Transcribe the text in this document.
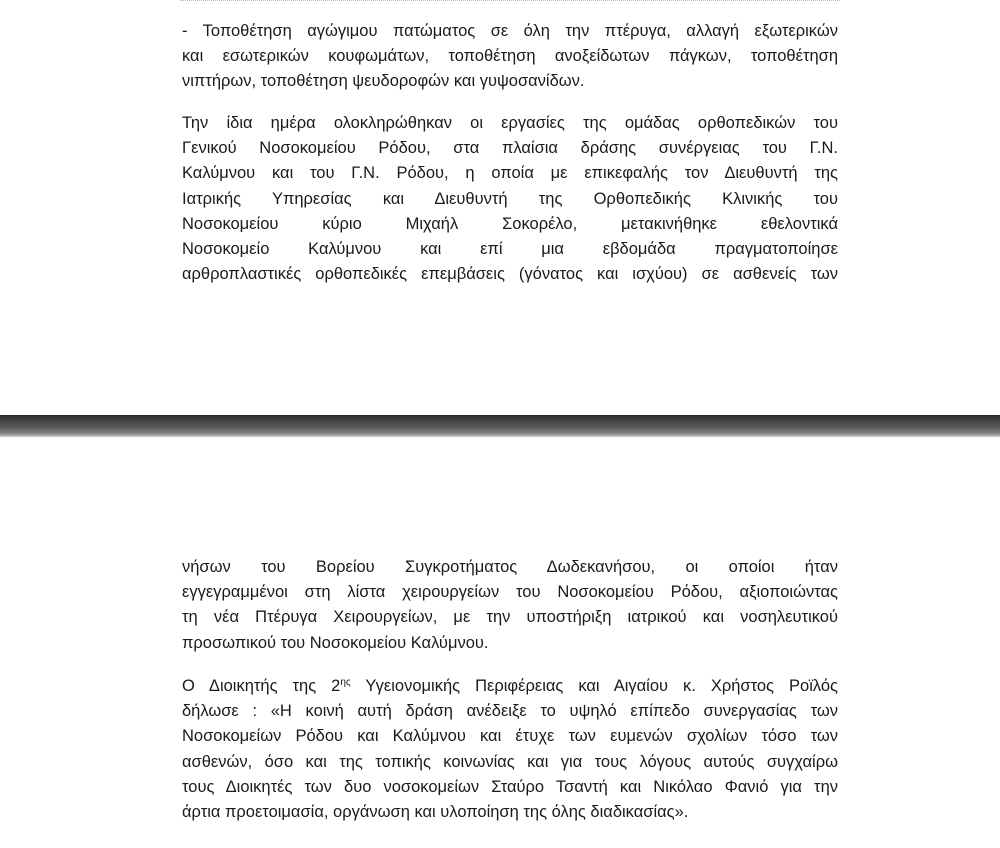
- Τοποθέτηση αγώγιμου πατώματος σε όλη την πτέρυγα, αλλαγή εξωτερικών
και εσωτερικών κουφωμάτων, τοποθέτηση ανοξείδωτων πάγκων, τοποθέτηση
νιπτήρων, τοποθέτηση ψευδοροφών και γυψοσανίδων.
Την ίδια ημέρα ολοκληρώθηκαν οι εργασίες της ομάδας ορθοπεδικών του
Γενικού Νοσοκομείου Ρόδου, στα πλαίσια δράσης συνέργειας του Γ.Ν.
Καλύμνου και του Γ.Ν. Ρόδου, η οποία με επικεφαλής τον Διευθυντή της
Ιατρικής Υπηρεσίας και Διευθυντή της Ορθοπεδικής Κλινικής του
Νοσοκομείου κύριο Μιχαήλ Σοκορέλο, μετακινήθηκε εθελοντικά
Νοσοκομείο Καλύμνου και επί μια εβδομάδα πραγματοποίησε
αρθροπλαστικές ορθοπεδικές επεμβάσεις (γόνατος και ισχύου) σε ασθενείς των
νήσων του Βορείου Συγκροτήματος Δωδεκανήσου, οι οποίοι ήταν
εγγεγραμμένοι στη λίστα χειρουργείων του Νοσοκομείου Ρόδου, αξιοποιώντας
τη νέα Πτέρυγα Χειρουργείων, με την υποστήριξη ιατρικού και νοσηλευτικού
προσωπικού του Νοσοκομείου Καλύμνου.
Ο Διοικητής της $2^{\eta\varsigma}$ Υγειονομικής Περιφέρειας και Αιγαίου κ. Χρήστος Ροϊλός
δήλωσε : «Η κοινή αυτή δράση ανέδειξε το υψηλό επίπεδο συνεργασίας των
Νοσοκομείων Ρόδου και Καλύμνου και έτυχε των ευμενών σχολίων τόσο των
ασθενών, όσο και της τοπικής κοινωνίας και για τους λόγους αυτούς συγχαίρω
τους Διοικητές των δυο νοσοκομείων Σταύρο Τσαντή και Νικόλαο Φανιό για την
άρτια προετοιμασία, οργάνωση και υλοποίηση της όλης διαδικασίας».
